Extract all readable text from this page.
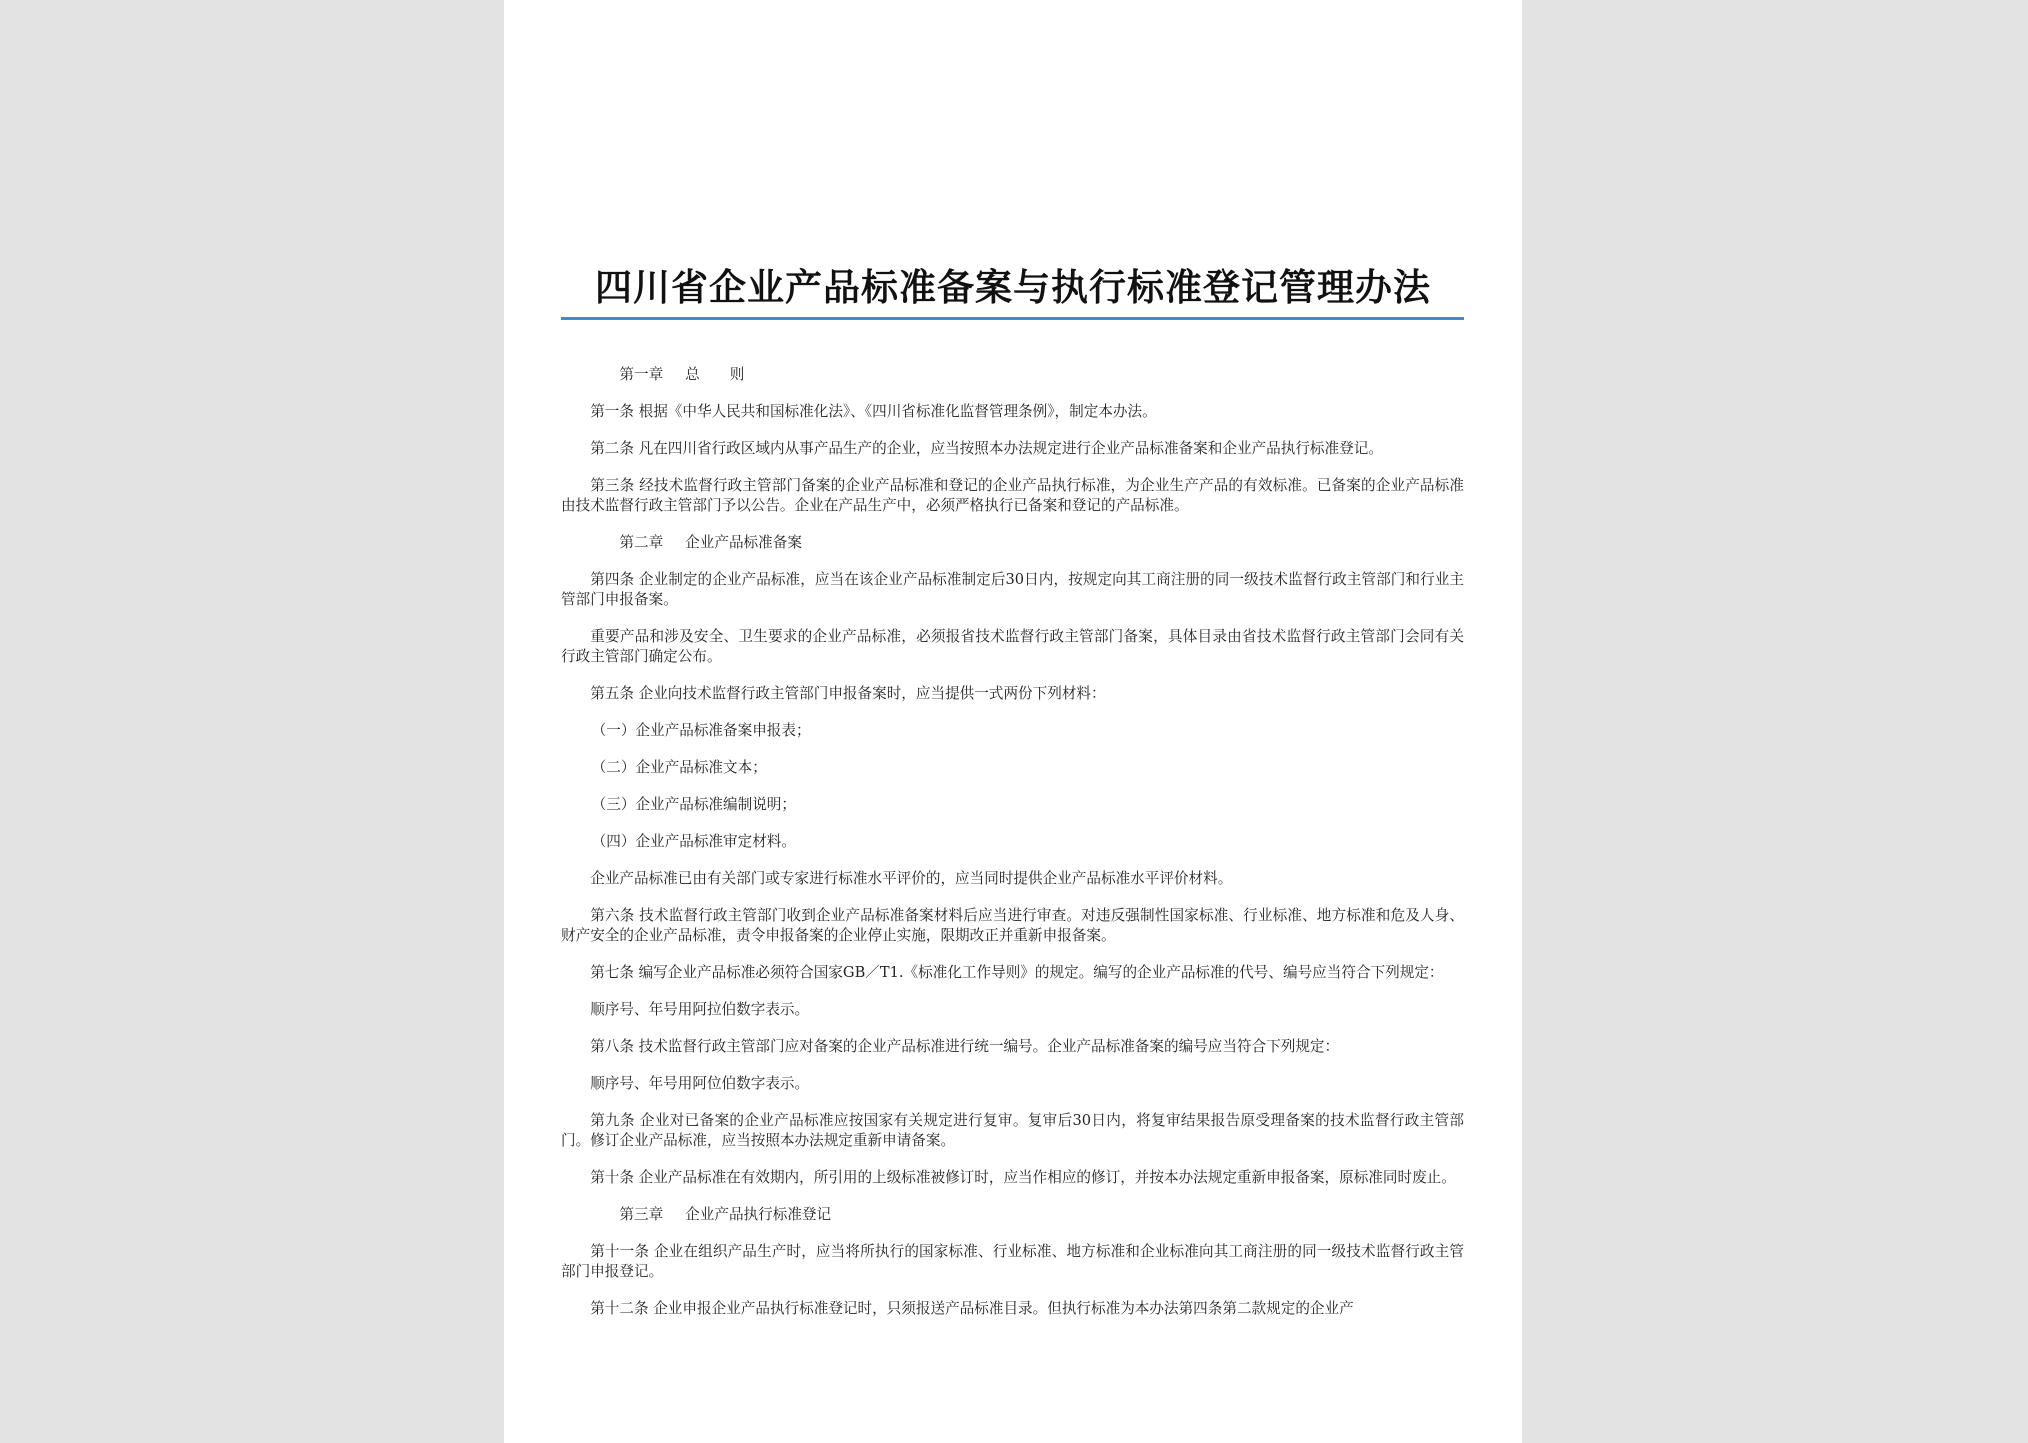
四川省企业产品标准备案与执行标准登记管理办法

第一章 总则

第一条 根据《中华人民共和国标准化法》、《四川省标准化监督管理条例》，制定本办法。

第二条 凡在四川省行政区域内从事产品生产的企业，应当按照本办法规定进行企业产品标准备案和企业产品执行标准登记。

第三条 经技术监督行政主管部门备案的企业产品标准和登记的企业产品执行标准，为企业生产产品的有效标准。已备案的企业产品标准由技术监督行政主管部门予以公告。企业在产品生产中，必须严格执行已备案和登记的产品标准。

第二章 企业产品标准备案

第四条 企业制定的企业产品标准，应当在该企业产品标准制定后30日内，按规定向其工商注册的同一级技术监督行政主管部门和行业主管部门申报备案。

重要产品和涉及安全、卫生要求的企业产品标准，必须报省技术监督行政主管部门备案，具体目录由省技术监督行政主管部门会同有关行政主管部门确定公布。

第五条 企业向技术监督行政主管部门申报备案时，应当提供一式两份下列材料：

（一）企业产品标准备案申报表；

（二）企业产品标准文本；

（三）企业产品标准编制说明；

（四）企业产品标准审定材料。

企业产品标准已由有关部门或专家进行标准水平评价的，应当同时提供企业产品标准水平评价材料。

第六条 技术监督行政主管部门收到企业产品标准备案材料后应当进行审查。对违反强制性国家标准、行业标准、地方标准和危及人身、财产安全的企业产品标准，责令申报备案的企业停止实施，限期改正并重新申报备案。

第七条 编写企业产品标准必须符合国家GB／T1.《标准化工作导则》的规定。编写的企业产品标准的代号、编号应当符合下列规定：

顺序号、年号用阿拉伯数字表示。

第八条 技术监督行政主管部门应对备案的企业产品标准进行统一编号。企业产品标准备案的编号应当符合下列规定：

顺序号、年号用阿位伯数字表示。

第九条 企业对已备案的企业产品标准应按国家有关规定进行复审。复审后30日内，将复审结果报告原受理备案的技术监督行政主管部门。修订企业产品标准，应当按照本办法规定重新申请备案。

第十条 企业产品标准在有效期内，所引用的上级标准被修订时，应当作相应的修订，并按本办法规定重新申报备案，原标准同时废止。

第三章 企业产品执行标准登记

第十一条 企业在组织产品生产时，应当将所执行的国家标准、行业标准、地方标准和企业标准向其工商注册的同一级技术监督行政主管部门申报登记。

第十二条 企业申报企业产品执行标准登记时，只须报送产品标准目录。但执行标准为本办法第四条第二款规定的企业产
